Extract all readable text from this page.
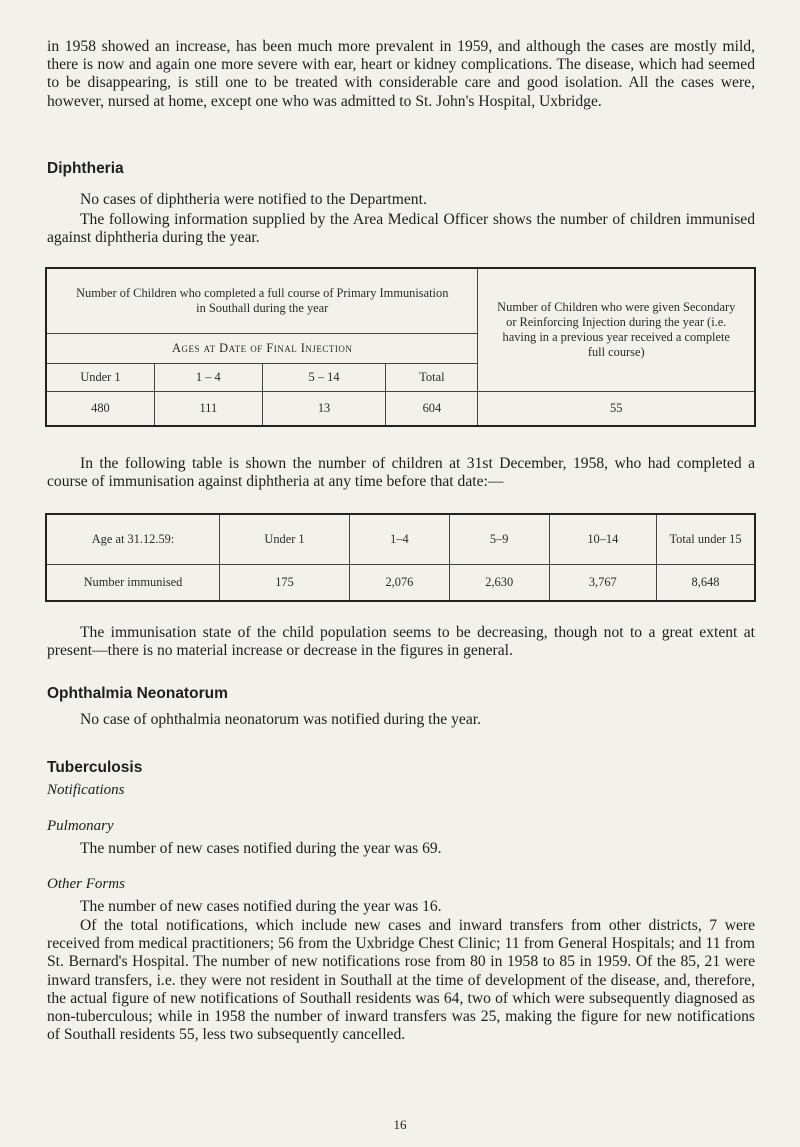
in 1958 showed an increase, has been much more prevalent in 1959, and although the cases are mostly mild, there is now and again one more severe with ear, heart or kidney complications. The disease, which had seemed to be disappearing, is still one to be treated with considerable care and good isolation. All the cases were, however, nursed at home, except one who was admitted to St. John's Hospital, Uxbridge.

Diphtheria

No cases of diphtheria were notified to the Department.

The following information supplied by the Area Medical Officer shows the number of children immunised against diphtheria during the year.

Number of Children who completed a full course of Primary Immunisation in Southall during the year				Number of Children who were given Secondary or Reinforcing Injection during the year (i.e. having in a previous year received a complete full course)
Ages at Date of Final Injection				
Under 1	1 – 4	5 – 14	Total	
480	111	13	604	55

In the following table is shown the number of children at 31st December, 1958, who had completed a course of immunisation against diphtheria at any time before that date:—

Age at 31.12.59:	Under 1	1–4	5–9	10–14	Total under 15
Number immunised	175	2,076	2,630	3,767	8,648

The immunisation state of the child population seems to be decreasing, though not to a great extent at present—there is no material increase or decrease in the figures in general.

Ophthalmia Neonatorum

No case of ophthalmia neonatorum was notified during the year.

Tuberculosis

Notifications

Pulmonary

The number of new cases notified during the year was 69.

Other Forms

The number of new cases notified during the year was 16.

Of the total notifications, which include new cases and inward transfers from other districts, 7 were received from medical practitioners; 56 from the Uxbridge Chest Clinic; 11 from General Hospitals; and 11 from St. Bernard's Hospital. The number of new notifications rose from 80 in 1958 to 85 in 1959. Of the 85, 21 were inward transfers, i.e. they were not resident in Southall at the time of development of the disease, and, therefore, the actual figure of new notifications of Southall residents was 64, two of which were subsequently diagnosed as non-tuberculous; while in 1958 the number of inward transfers was 25, making the figure for new notifications of Southall residents 55, less two subsequently cancelled.

16
